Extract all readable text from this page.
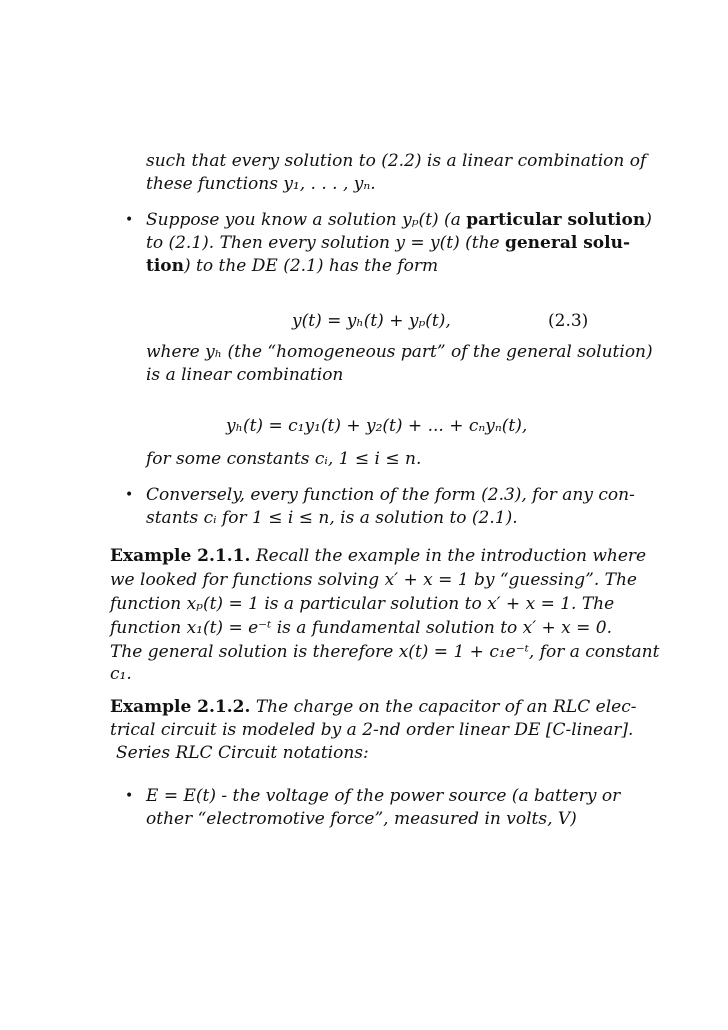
such that every solution to (2.2) is a linear combination of
these functions y₁, . . . , yₙ.
• Suppose you know a solution yₚ(t) (a particular solution)
to (2.1). Then every solution y = y(t) (the general solu-
tion) to the DE (2.1) has the form
y(t) = yₕ(t) + yₚ(t),	(2.3)
where yₕ (the “homogeneous part” of the general solution)
is a linear combination
yₕ(t) = c₁y₁(t) + y₂(t) + ... + cₙyₙ(t),
for some constants cᵢ, 1 ≤ i ≤ n.
• Conversely, every function of the form (2.3), for any con-
stants cᵢ for 1 ≤ i ≤ n, is a solution to (2.1).
Example 2.1.1. Recall the example in the introduction where
we looked for functions solving x′ + x = 1 by “guessing”. The
function xₚ(t) = 1 is a particular solution to x′ + x = 1. The
function x₁(t) = e⁻ᵗ is a fundamental solution to x′ + x = 0.
The general solution is therefore x(t) = 1 + c₁e⁻ᵗ, for a constant
c₁.
Example 2.1.2. The charge on the capacitor of an RLC elec-
trical circuit is modeled by a 2-nd order linear DE [C-linear].
Series RLC Circuit notations:
• E = E(t) - the voltage of the power source (a battery or
other “electromotive force”, measured in volts, V)
